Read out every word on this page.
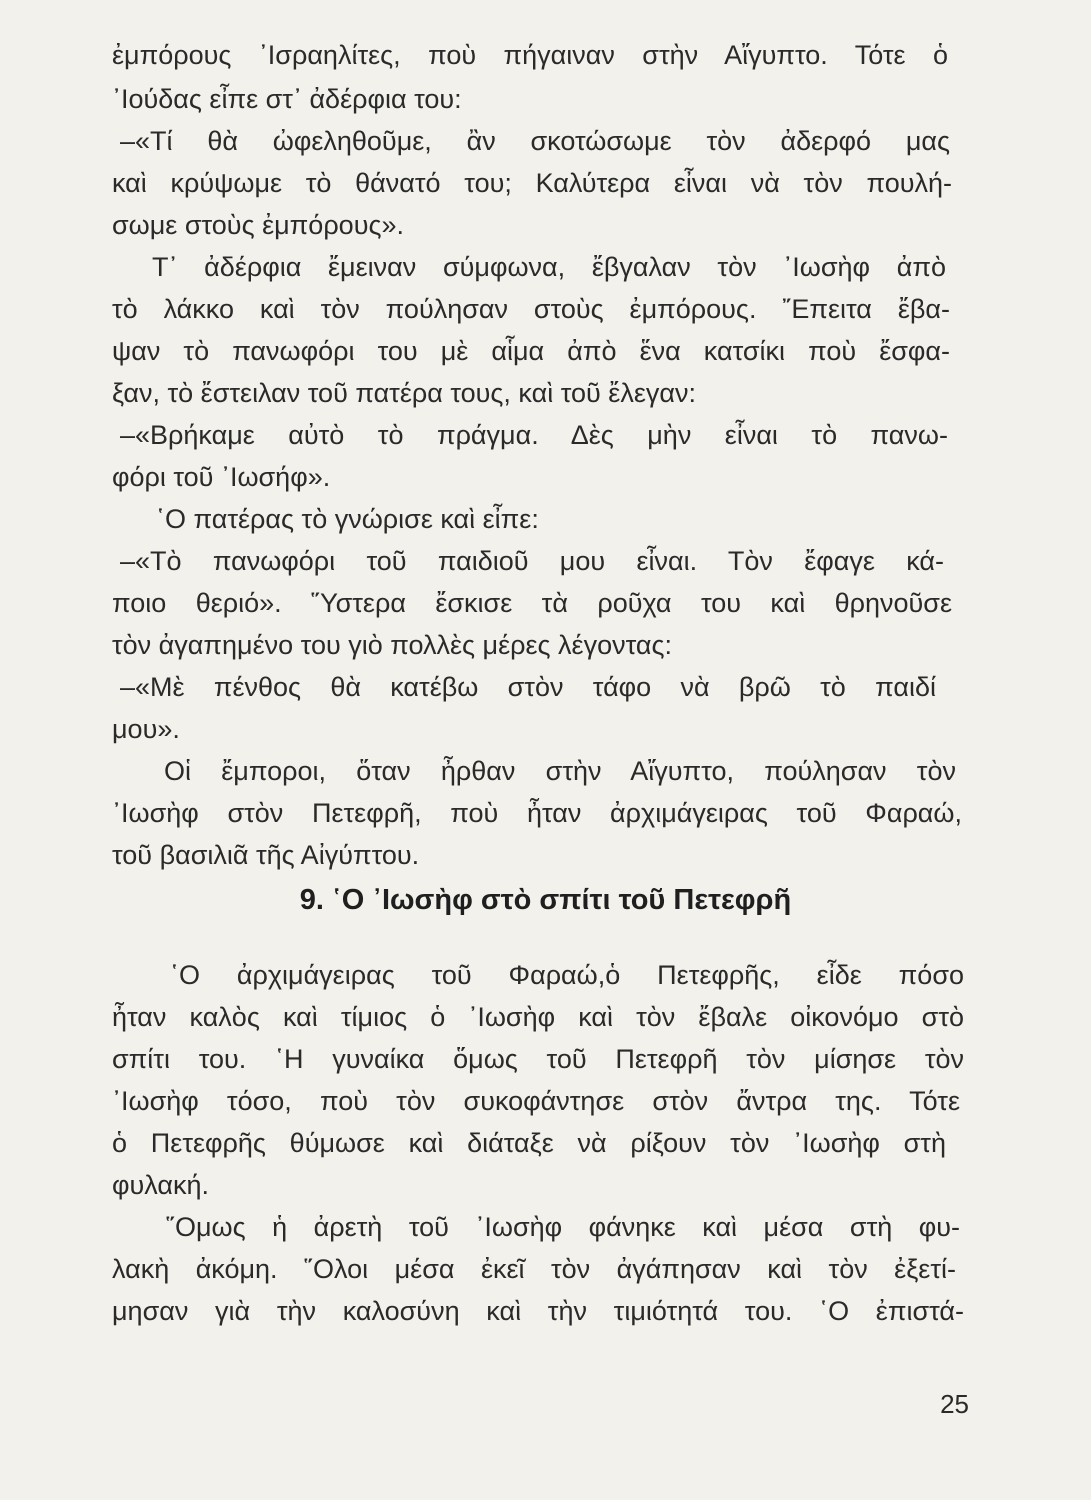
ἐμπόρους ᾽Ισραηλίτες, ποὺ πήγαιναν στὴν Αἴγυπτο. Τότε ὁ
᾽Ιούδας εἶπε στ᾽ ἀδέρφια του:
–«Τί θὰ ὠφεληθοῦμε, ἂν σκοτώσωμε τὸν ἀδερφό μας
καὶ κρύψωμε τὸ θάνατό του; Καλύτερα εἶναι νὰ τὸν πουλή-
σωμε στοὺς ἐμπόρους».
Τ᾽ ἀδέρφια ἔμειναν σύμφωνα, ἔβγαλαν τὸν ᾽Ιωσὴφ ἀπὸ
τὸ λάκκο καὶ τὸν πούλησαν στοὺς ἐμπόρους. ῎Επειτα ἔβα-
ψαν τὸ πανωφόρι του μὲ αἷμα ἀπὸ ἕνα κατσίκι ποὺ ἔσφα-
ξαν, τὸ ἔστειλαν τοῦ πατέρα τους, καὶ τοῦ ἔλεγαν:
–«Βρήκαμε αὐτὸ τὸ πράγμα. Δὲς μὴν εἶναι τὸ πανω-
φόρι τοῦ ᾽Ιωσήφ».
῾Ο πατέρας τὸ γνώρισε καὶ εἶπε:
–«Τὸ πανωφόρι τοῦ παιδιοῦ μου εἶναι. Τὸν ἔφαγε κά-
ποιο θεριό». ῞Υστερα ἔσκισε τὰ ροῦχα του καὶ θρηνοῦσε
τὸν ἀγαπημένο του γιὸ πολλὲς μέρες λέγοντας:
–«Μὲ πένθος θὰ κατέβω στὸν τάφο νὰ βρῶ τὸ παιδί
μου».
Οἱ ἔμποροι, ὅταν ἦρθαν στὴν Αἴγυπτο, πούλησαν τὸν
᾽Ιωσὴφ στὸν Πετεφρῆ, ποὺ ἦταν ἀρχιμάγειρας τοῦ Φαραώ,
τοῦ βασιλιᾶ τῆς Αἰγύπτου.
9. ῾Ο ᾽Ιωσὴφ στὸ σπίτι τοῦ Πετεφρῆ
῾Ο ἀρχιμάγειρας τοῦ Φαραώ,ὁ Πετεφρῆς, εἶδε πόσο
ἦταν καλὸς καὶ τίμιος ὁ ᾽Ιωσὴφ καὶ τὸν ἔβαλε οἰκονόμο στὸ
σπίτι του. ῾Η γυναίκα ὅμως τοῦ Πετεφρῆ τὸν μίσησε τὸν
᾽Ιωσὴφ τόσο, ποὺ τὸν συκοφάντησε στὸν ἄντρα της. Τότε
ὁ Πετεφρῆς θύμωσε καὶ διάταξε νὰ ρίξουν τὸν ᾽Ιωσὴφ στὴ
φυλακή.
῞Ομως ἡ ἀρετὴ τοῦ ᾽Ιωσὴφ φάνηκε καὶ μέσα στὴ φυ-
λακὴ ἀκόμη. ῞Ολοι μέσα ἐκεῖ τὸν ἀγάπησαν καὶ τὸν ἐξετί-
μησαν γιὰ τὴν καλοσύνη καὶ τὴν τιμιότητά του. ῾Ο ἐπιστά-
25
